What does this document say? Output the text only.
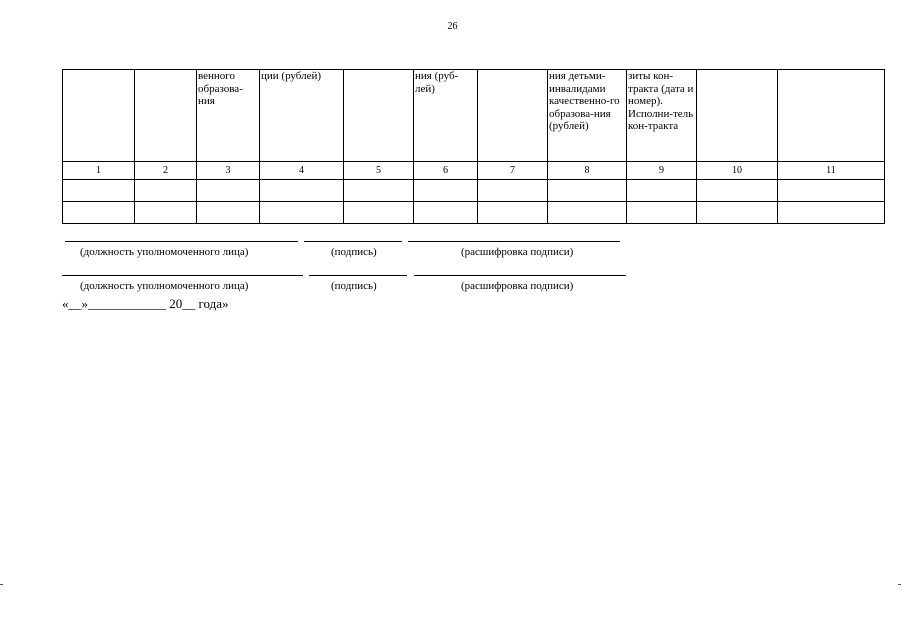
26
		венного образова-ния	ции (рублей)		ния (руб-лей)		ния детьми-инвалидами качественно-го образова-ния (рублей)	зиты кон-тракта (дата и номер). Исполни-тель кон-тракта		
1	2	3	4	5	6	7	8	9	10	11

(должность уполномоченного лица)	(подпись)	(расшифровка подписи)
(должность уполномоченного лица)	(подпись)	(расшифровка подписи)
«__»____________ 20__ года»
